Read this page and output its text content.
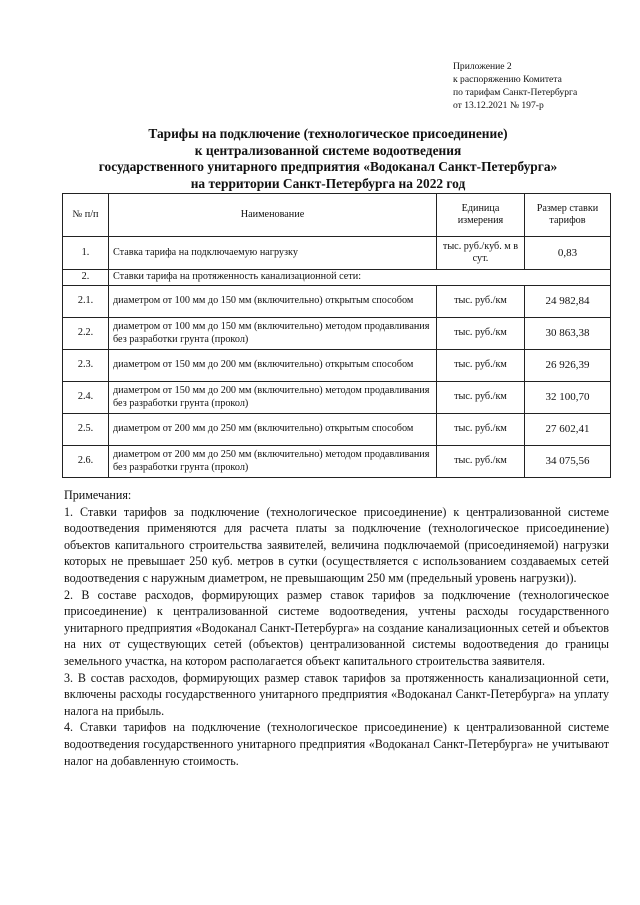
Приложение 2
к распоряжению Комитета
по тарифам Санкт-Петербурга
от 13.12.2021 № 197-р
Тарифы на подключение (технологическое присоединение)
к централизованной системе водоотведения
государственного унитарного предприятия «Водоканал Санкт-Петербурга»
на территории Санкт-Петербурга на 2022 год
№ п/п	Наименование	Единица измерения	Размер ставки тарифов
1.	Ставка тарифа на подключаемую нагрузку	тыс. руб./куб. м в сут.	0,83
2.	Ставки тарифа на протяженность канализационной сети:		
2.1.	диаметром от 100 мм до 150 мм (включительно) открытым способом	тыс. руб./км	24 982,84
2.2.	диаметром от 100 мм до 150 мм (включительно) методом продавливания без разработки грунта (прокол)	тыс. руб./км	30 863,38
2.3.	диаметром от 150 мм до 200 мм (включительно) открытым способом	тыс. руб./км	26 926,39
2.4.	диаметром от 150 мм до 200 мм (включительно) методом продавливания без разработки грунта (прокол)	тыс. руб./км	32 100,70
2.5.	диаметром от 200 мм до 250 мм (включительно) открытым способом	тыс. руб./км	27 602,41
2.6.	диаметром от 200 мм до 250 мм (включительно) методом продавливания без разработки грунта (прокол)	тыс. руб./км	34 075,56

Примечания:

1. Ставки тарифов за подключение (технологическое присоединение) к централизованной системе водоотведения применяются для расчета платы за подключение (технологическое присоединение) объектов капитального строительства заявителей, величина подключаемой (присоединяемой) нагрузки которых не превышает 250 куб. метров в сутки (осуществляется с использованием создаваемых сетей водоотведения с наружным диаметром, не превышающим 250 мм (предельный уровень нагрузки)).

2. В составе расходов, формирующих размер ставок тарифов за подключение (технологическое присоединение) к централизованной системе водоотведения, учтены расходы государственного унитарного предприятия «Водоканал Санкт-Петербурга» на создание канализационных сетей и объектов на них от существующих сетей (объектов) централизованной системы водоотведения до границы земельного участка, на котором располагается объект капитального строительства заявителя.

3. В состав расходов, формирующих размер ставок тарифов за протяженность канализационной сети, включены расходы государственного унитарного предприятия «Водоканал Санкт-Петербурга» на уплату налога на прибыль.

4. Ставки тарифов на подключение (технологическое присоединение) к централизованной системе водоотведения государственного унитарного предприятия «Водоканал Санкт-Петербурга» не учитывают налог на добавленную стоимость.
